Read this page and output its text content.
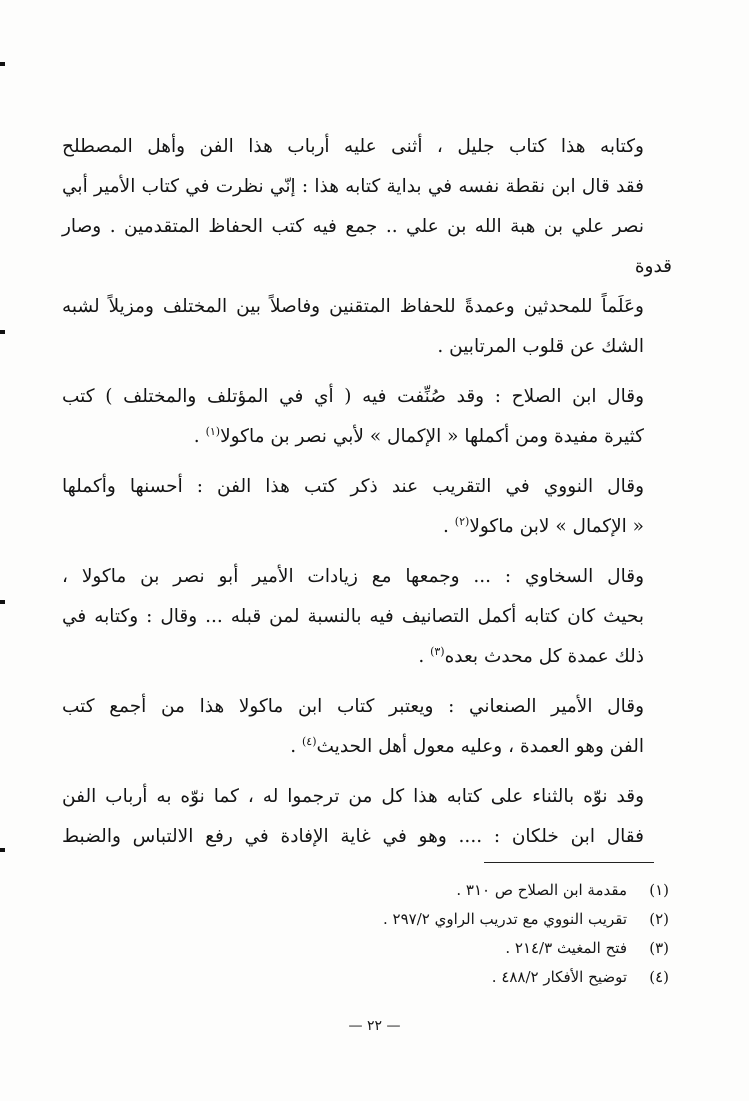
وكتابه هذا كتاب جليل ، أثنى عليه أرباب هذا الفن وأهل المصطلح
فقد قال ابن نقطة نفسه في بداية كتابه هذا : إنّي نظرت في كتاب الأمير أبي
نصر علي بن هبة الله بن علي .. جمع فيه كتب الحفاظ المتقدمين . وصار قدوة
وعَلَماً للمحدثين وعمدةً للحفاظ المتقنين وفاصلاً بين المختلف ومزيلاً لشبه
الشك عن قلوب المرتابين .

وقال ابن الصلاح : وقد صُنِّفت فيه ( أي في المؤتلف والمختلف ) كتب
كثيرة مفيدة ومن أكملها « الإكمال » لأبي نصر بن ماكولا$^{(١)}$ .

وقال النووي في التقريب عند ذكر كتب هذا الفن : أحسنها وأكملها
« الإكمال » لابن ماكولا$^{(٢)}$ .

وقال السخاوي : ... وجمعها مع زيادات الأمير أبو نصر بن ماكولا ،
بحيث كان كتابه أكمل التصانيف فيه بالنسبة لمن قبله ... وقال : وكتابه في
ذلك عمدة كل محدث بعده$^{(٣)}$ .

وقال الأمير الصنعاني : ويعتبر كتاب ابن ماكولا هذا من أجمع كتب
الفن وهو العمدة ، وعليه معول أهل الحديث$^{(٤)}$ .

وقد نوّه بالثناء على كتابه هذا كل من ترجموا له ، كما نوّه به أرباب الفن
فقال ابن خلكان : .... وهو في غاية الإفادة في رفع الالتباس والضبط

(١)
مقدمة ابن الصلاح ص ٣١٠ .
(٢)
تقريب النووي مع تدريب الراوي ٢٩٧/٢ .
(٣)
فتح المغيث ٢١٤/٣ .
(٤)
توضيح الأفكار ٤٨٨/٢ .
— ٢٢ —
